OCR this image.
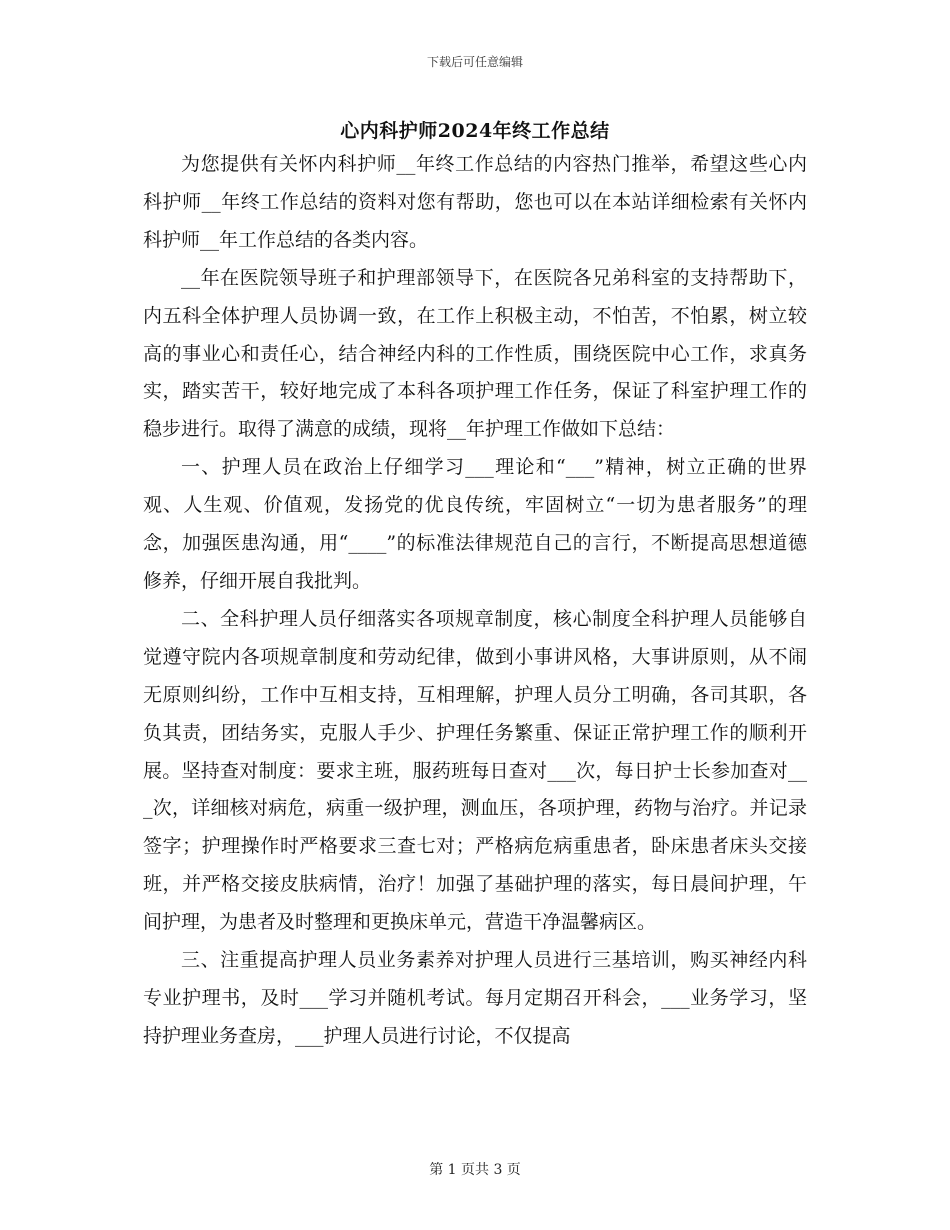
下载后可任意编辑
心内科护师2024年终工作总结

为您提供有关怀内科护师__年终工作总结的内容热门推举，希望这些心内科护师__年终工作总结的资料对您有帮助，您也可以在本站详细检索有关怀内科护师__年工作总结的各类内容。

__年在医院领导班子和护理部领导下，在医院各兄弟科室的支持帮助下，内五科全体护理人员协调一致，在工作上积极主动，不怕苦，不怕累，树立较高的事业心和责任心，结合神经内科的工作性质，围绕医院中心工作，求真务实，踏实苦干，较好地完成了本科各项护理工作任务，保证了科室护理工作的稳步进行。取得了满意的成绩，现将__年护理工作做如下总结：

一、护理人员在政治上仔细学习___理论和“___”精神，树立正确的世界观、人生观、价值观，发扬党的优良传统，牢固树立“一切为患者服务”的理念，加强医患沟通，用“____”的标准法律规范自己的言行，不断提高思想道德修养，仔细开展自我批判。

二、全科护理人员仔细落实各项规章制度，核心制度全科护理人员能够自觉遵守院内各项规章制度和劳动纪律，做到小事讲风格，大事讲原则，从不闹无原则纠纷，工作中互相支持，互相理解，护理人员分工明确，各司其职，各负其责，团结务实，克服人手少、护理任务繁重、保证正常护理工作的顺利开展。坚持查对制度：要求主班，服药班每日查对___次，每日护士长参加查对___次，详细核对病危，病重一级护理，测血压，各项护理，药物与治疗。并记录签字；护理操作时严格要求三查七对；严格病危病重患者，卧床患者床头交接班，并严格交接皮肤病情，治疗！加强了基础护理的落实，每日晨间护理，午间护理，为患者及时整理和更换床单元，营造干净温馨病区。

三、注重提高护理人员业务素养对护理人员进行三基培训，购买神经内科专业护理书，及时___学习并随机考试。每月定期召开科会，___业务学习，坚持护理业务查房，___护理人员进行讨论，不仅提高

第 1 页共 3 页
